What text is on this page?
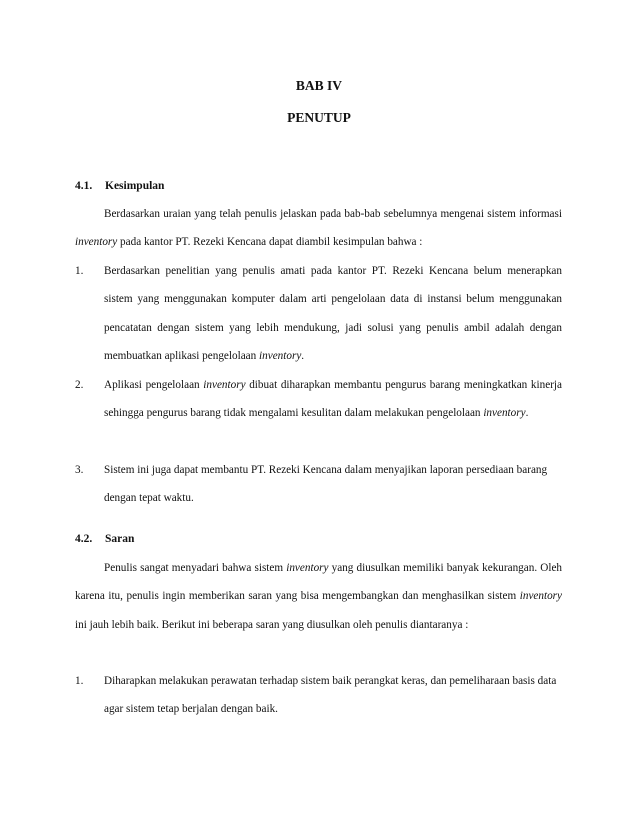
BAB IV
PENUTUP
4.1. Kesimpulan

Berdasarkan uraian yang telah penulis jelaskan pada bab-bab sebelumnya mengenai sistem informasi inventory pada kantor PT. Rezeki Kencana dapat diambil kesimpulan bahwa :

1.	Berdasarkan penelitian yang penulis amati pada kantor PT. Rezeki Kencana belum menerapkan sistem yang menggunakan komputer dalam arti pengelolaan data di instansi belum menggunakan pencatatan dengan sistem yang lebih mendukung, jadi solusi yang penulis ambil adalah dengan membuatkan aplikasi pengelolaan inventory.
2.	Aplikasi pengelolaan inventory dibuat diharapkan membantu pengurus barang meningkatkan kinerja sehingga pengurus barang tidak mengalami kesulitan dalam melakukan pengelolaan inventory.
3.	Sistem ini juga dapat membantu PT. Rezeki Kencana dalam menyajikan laporan persediaan barang dengan tepat waktu.
4.2. Saran

Penulis sangat menyadari bahwa sistem inventory yang diusulkan memiliki banyak kekurangan. Oleh karena itu, penulis ingin memberikan saran yang bisa mengembangkan dan menghasilkan sistem inventory ini jauh lebih baik. Berikut ini beberapa saran yang diusulkan oleh penulis diantaranya :

1.	Diharapkan melakukan perawatan terhadap sistem baik perangkat keras, dan pemeliharaan basis data agar sistem tetap berjalan dengan baik.
